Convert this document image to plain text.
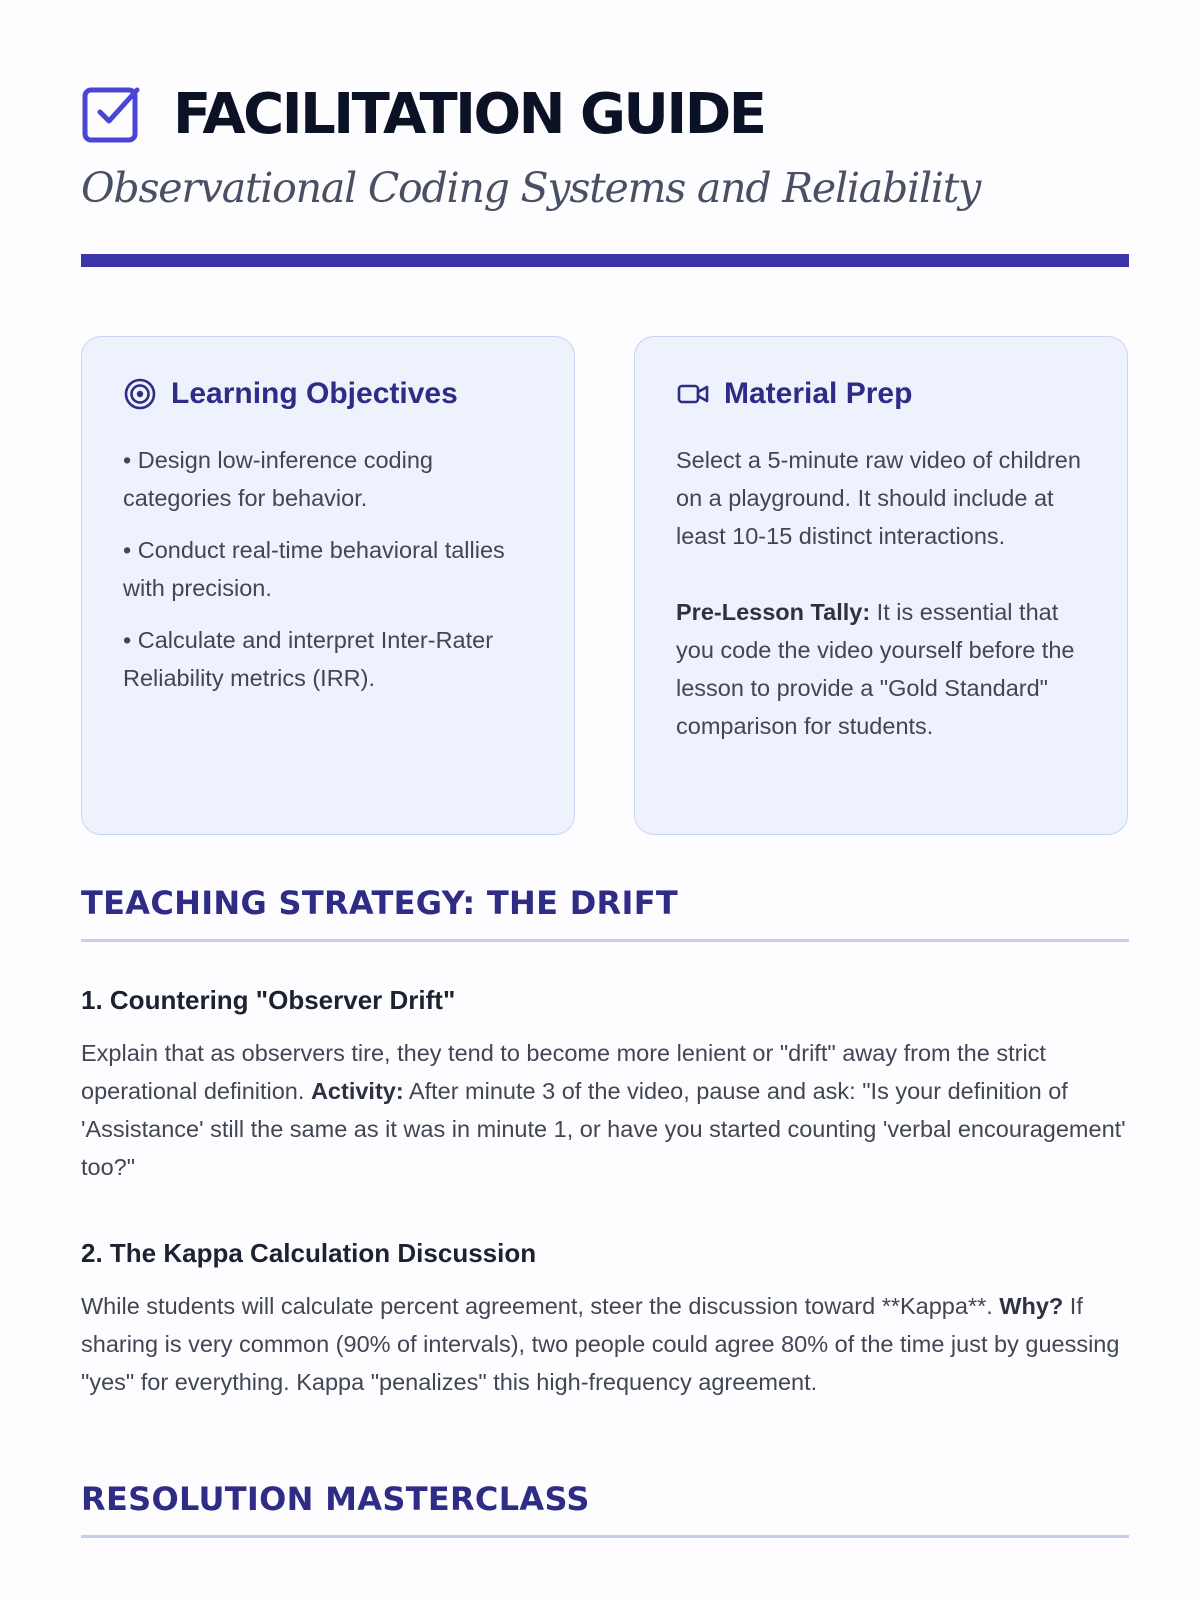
FACILITATION GUIDE
Observational Coding Systems and Reliability
Learning Objectives
• Design low-inference coding categories for behavior.
• Conduct real-time behavioral tallies with precision.
• Calculate and interpret Inter-Rater Reliability metrics (IRR).
Material Prep

Select a 5-minute raw video of children on a playground. It should include at least 10-15 distinct interactions.

Pre-Lesson Tally: It is essential that you code the video yourself before the lesson to provide a "Gold Standard" comparison for students.

TEACHING STRATEGY: THE DRIFT
1. Countering "Observer Drift"

Explain that as observers tire, they tend to become more lenient or "drift" away from the strict operational definition. Activity: After minute 3 of the video, pause and ask: "Is your definition of 'Assistance' still the same as it was in minute 1, or have you started counting 'verbal encouragement' too?"

2. The Kappa Calculation Discussion

While students will calculate percent agreement, steer the discussion toward **Kappa**. Why? If sharing is very common (90% of intervals), two people could agree 80% of the time just by guessing "yes" for everything. Kappa "penalizes" this high-frequency agreement.

RESOLUTION MASTERCLASS
